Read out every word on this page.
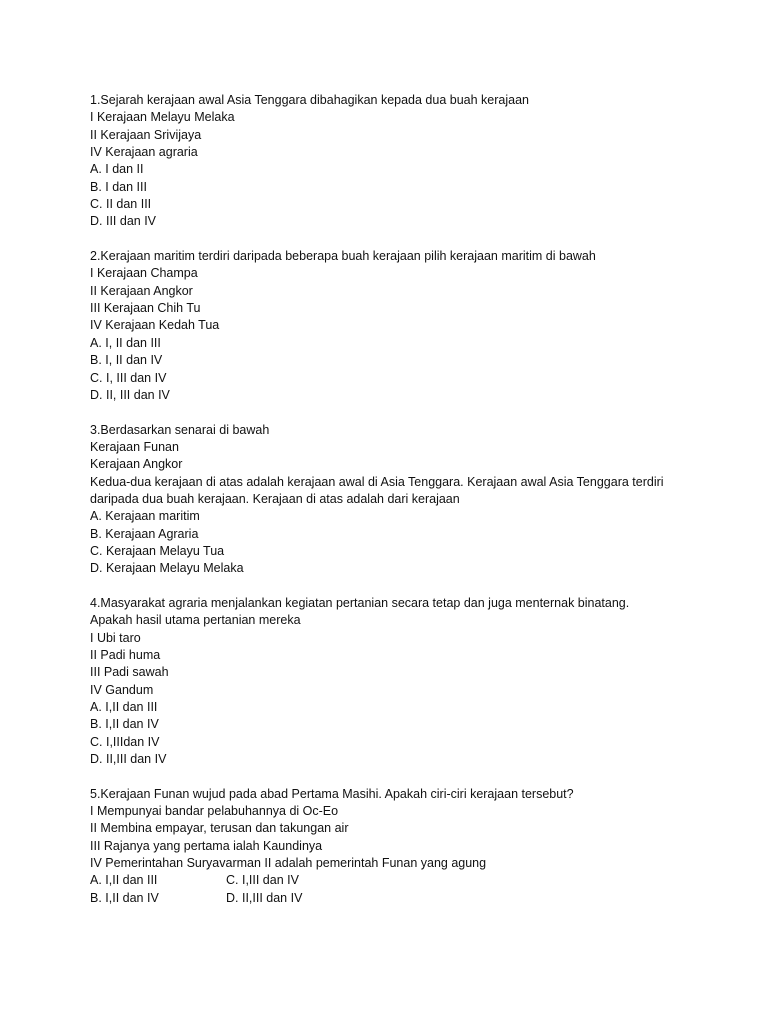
1.Sejarah kerajaan awal Asia Tenggara dibahagikan kepada dua buah kerajaan
I Kerajaan Melayu Melaka
II Kerajaan Srivijaya
IV Kerajaan agraria
A. I dan II
B. I dan III
C. II dan III
D. III dan IV
2.Kerajaan maritim terdiri daripada beberapa buah kerajaan pilih kerajaan maritim di bawah
I Kerajaan Champa
II Kerajaan Angkor
III Kerajaan Chih Tu
IV Kerajaan Kedah Tua
A. I, II dan III
B. I, II dan IV
C. I, III dan IV
D. II, III dan IV
3.Berdasarkan senarai di bawah
Kerajaan Funan
Kerajaan Angkor
Kedua-dua kerajaan di atas adalah kerajaan awal di Asia Tenggara. Kerajaan awal Asia Tenggara terdiri
daripada dua buah kerajaan. Kerajaan di atas adalah dari kerajaan
A. Kerajaan maritim
B. Kerajaan Agraria
C. Kerajaan Melayu Tua
D. Kerajaan Melayu Melaka
4.Masyarakat agraria menjalankan kegiatan pertanian secara tetap dan juga menternak binatang.
Apakah hasil utama pertanian mereka
I Ubi taro
II Padi huma
III Padi sawah
IV Gandum
A. I,II dan III
B. I,II dan IV
C. I,IIIdan IV
D. II,III dan IV
5.Kerajaan Funan wujud pada abad Pertama Masihi. Apakah ciri-ciri kerajaan tersebut?
I Mempunyai bandar pelabuhannya di Oc-Eo
II Membina empayar, terusan dan takungan air
III Rajanya yang pertama ialah Kaundinya
IV Pemerintahan Suryavarman II adalah pemerintah Funan yang agung
A. I,II dan III	C. I,III dan IV
B. I,II dan IV	D. II,III dan IV
